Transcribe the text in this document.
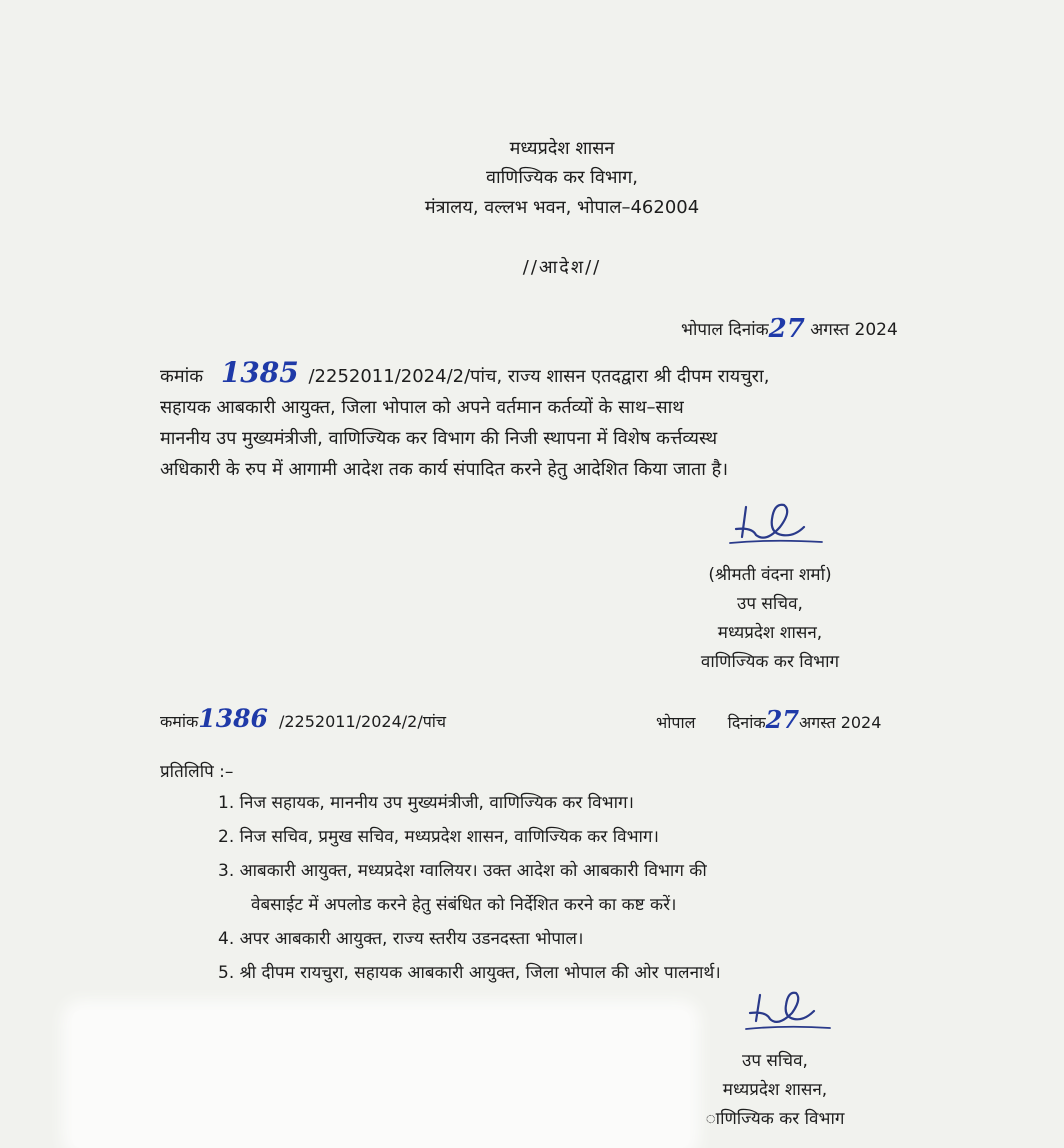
मध्यप्रदेश शासन
वाणिज्यिक कर विभाग,
मंत्रालय, वल्लभ भवन, भोपाल–462004
//आदेश//
भोपाल दिनांक27 अगस्त 2024
कमांक 1385 /2252011/2024/2/पांच, राज्य शासन एतदद्वारा श्री दीपम रायचुरा,
सहायक आबकारी आयुक्त, जिला भोपाल को अपने वर्तमान कर्तव्यों के साथ–साथ
माननीय उप मुख्यमंत्रीजी, वाणिज्यिक कर विभाग की निजी स्थापना में विशेष कर्त्तव्यस्थ
अधिकारी के रुप में आगामी आदेश तक कार्य संपादित करने हेतु आदेशित किया जाता है।
(श्रीमती वंदना शर्मा)
उप सचिव,
मध्यप्रदेश शासन,
वाणिज्यिक कर विभाग
कमांक1386 /2252011/2024/2/पांच	भोपाल दिनांक27अगस्त 2024
प्रतिलिपि :–
1. निज सहायक, माननीय उप मुख्यमंत्रीजी, वाणिज्यिक कर विभाग।
2. निज सचिव, प्रमुख सचिव, मध्यप्रदेश शासन, वाणिज्यिक कर विभाग।
3. आबकारी आयुक्त, मध्यप्रदेश ग्वालियर। उक्त आदेश को आबकारी विभाग की
वेबसाईट में अपलोड करने हेतु संबंधित को निर्देशित करने का कष्ट करें।
4. अपर आबकारी आयुक्त, राज्य स्तरीय उडनदस्ता भोपाल।
5. श्री दीपम रायचुरा, सहायक आबकारी आयुक्त, जिला भोपाल की ओर पालनार्थ।
उप सचिव,
मध्यप्रदेश शासन,
ाणिज्यिक कर विभाग
